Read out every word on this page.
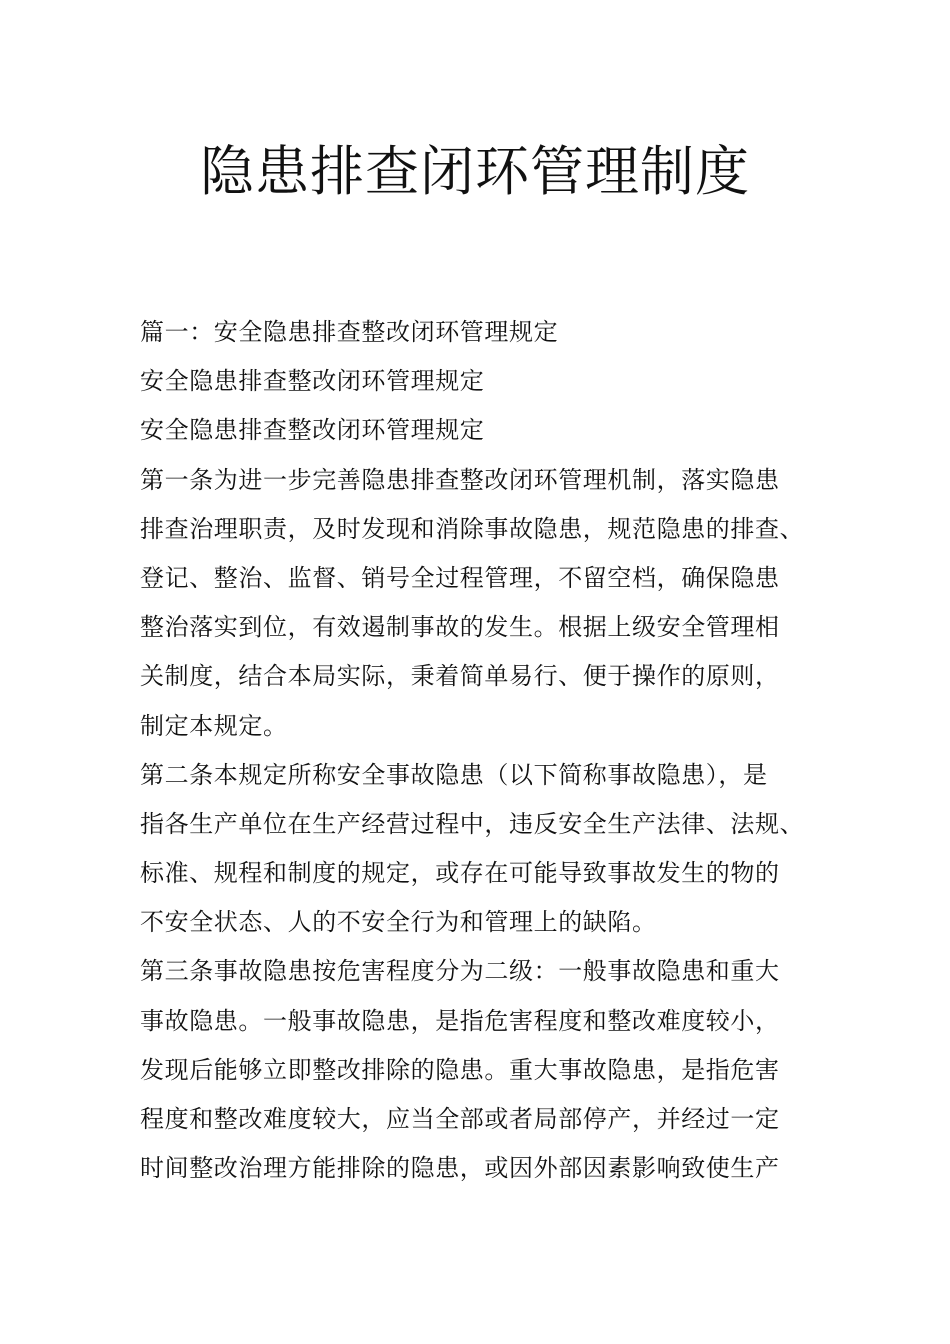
隐患排查闭环管理制度
篇一：安全隐患排查整改闭环管理规定
安全隐患排查整改闭环管理规定
安全隐患排查整改闭环管理规定
第一条为进一步完善隐患排查整改闭环管理机制，落实隐患
排查治理职责，及时发现和消除事故隐患，规范隐患的排查、
登记、整治、监督、销号全过程管理，不留空档，确保隐患
整治落实到位，有效遏制事故的发生。根据上级安全管理相
关制度，结合本局实际，秉着简单易行、便于操作的原则，
制定本规定。
第二条本规定所称安全事故隐患（以下简称事故隐患），是
指各生产单位在生产经营过程中，违反安全生产法律、法规、
标准、规程和制度的规定，或存在可能导致事故发生的物的
不安全状态、人的不安全行为和管理上的缺陷。
第三条事故隐患按危害程度分为二级：一般事故隐患和重大
事故隐患。一般事故隐患，是指危害程度和整改难度较小，
发现后能够立即整改排除的隐患。重大事故隐患，是指危害
程度和整改难度较大，应当全部或者局部停产，并经过一定
时间整改治理方能排除的隐患，或因外部因素影响致使生产
